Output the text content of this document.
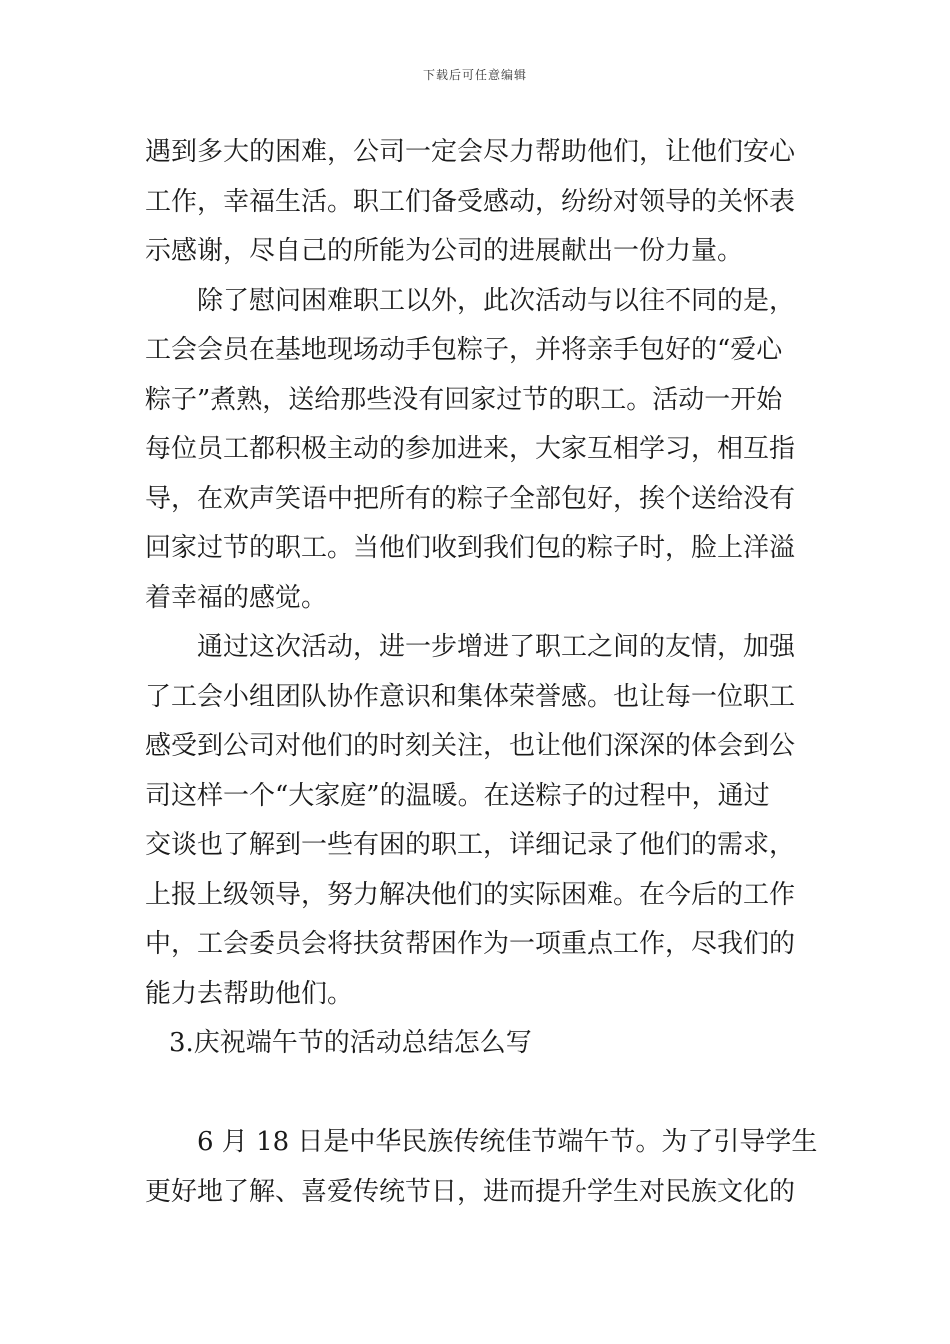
下载后可任意编辑
遇到多大的困难，公司一定会尽力帮助他们，让他们安心
工作，幸福生活。职工们备受感动，纷纷对领导的关怀表
示感谢，尽自己的所能为公司的进展献出一份力量。
除了慰问困难职工以外，此次活动与以往不同的是，
工会会员在基地现场动手包粽子，并将亲手包好的“爱心
粽子”煮熟，送给那些没有回家过节的职工。活动一开始
每位员工都积极主动的参加进来，大家互相学习，相互指
导，在欢声笑语中把所有的粽子全部包好，挨个送给没有
回家过节的职工。当他们收到我们包的粽子时，脸上洋溢
着幸福的感觉。
通过这次活动，进一步增进了职工之间的友情，加强
了工会小组团队协作意识和集体荣誉感。也让每一位职工
感受到公司对他们的时刻关注，也让他们深深的体会到公
司这样一个“大家庭”的温暖。在送粽子的过程中，通过
交谈也了解到一些有困的职工，详细记录了他们的需求，
上报上级领导，努力解决他们的实际困难。在今后的工作
中，工会委员会将扶贫帮困作为一项重点工作，尽我们的
能力去帮助他们。
3.庆祝端午节的活动总结怎么写
6 月 18 日是中华民族传统佳节端午节。为了引导学生
更好地了解、喜爱传统节日，进而提升学生对民族文化的
